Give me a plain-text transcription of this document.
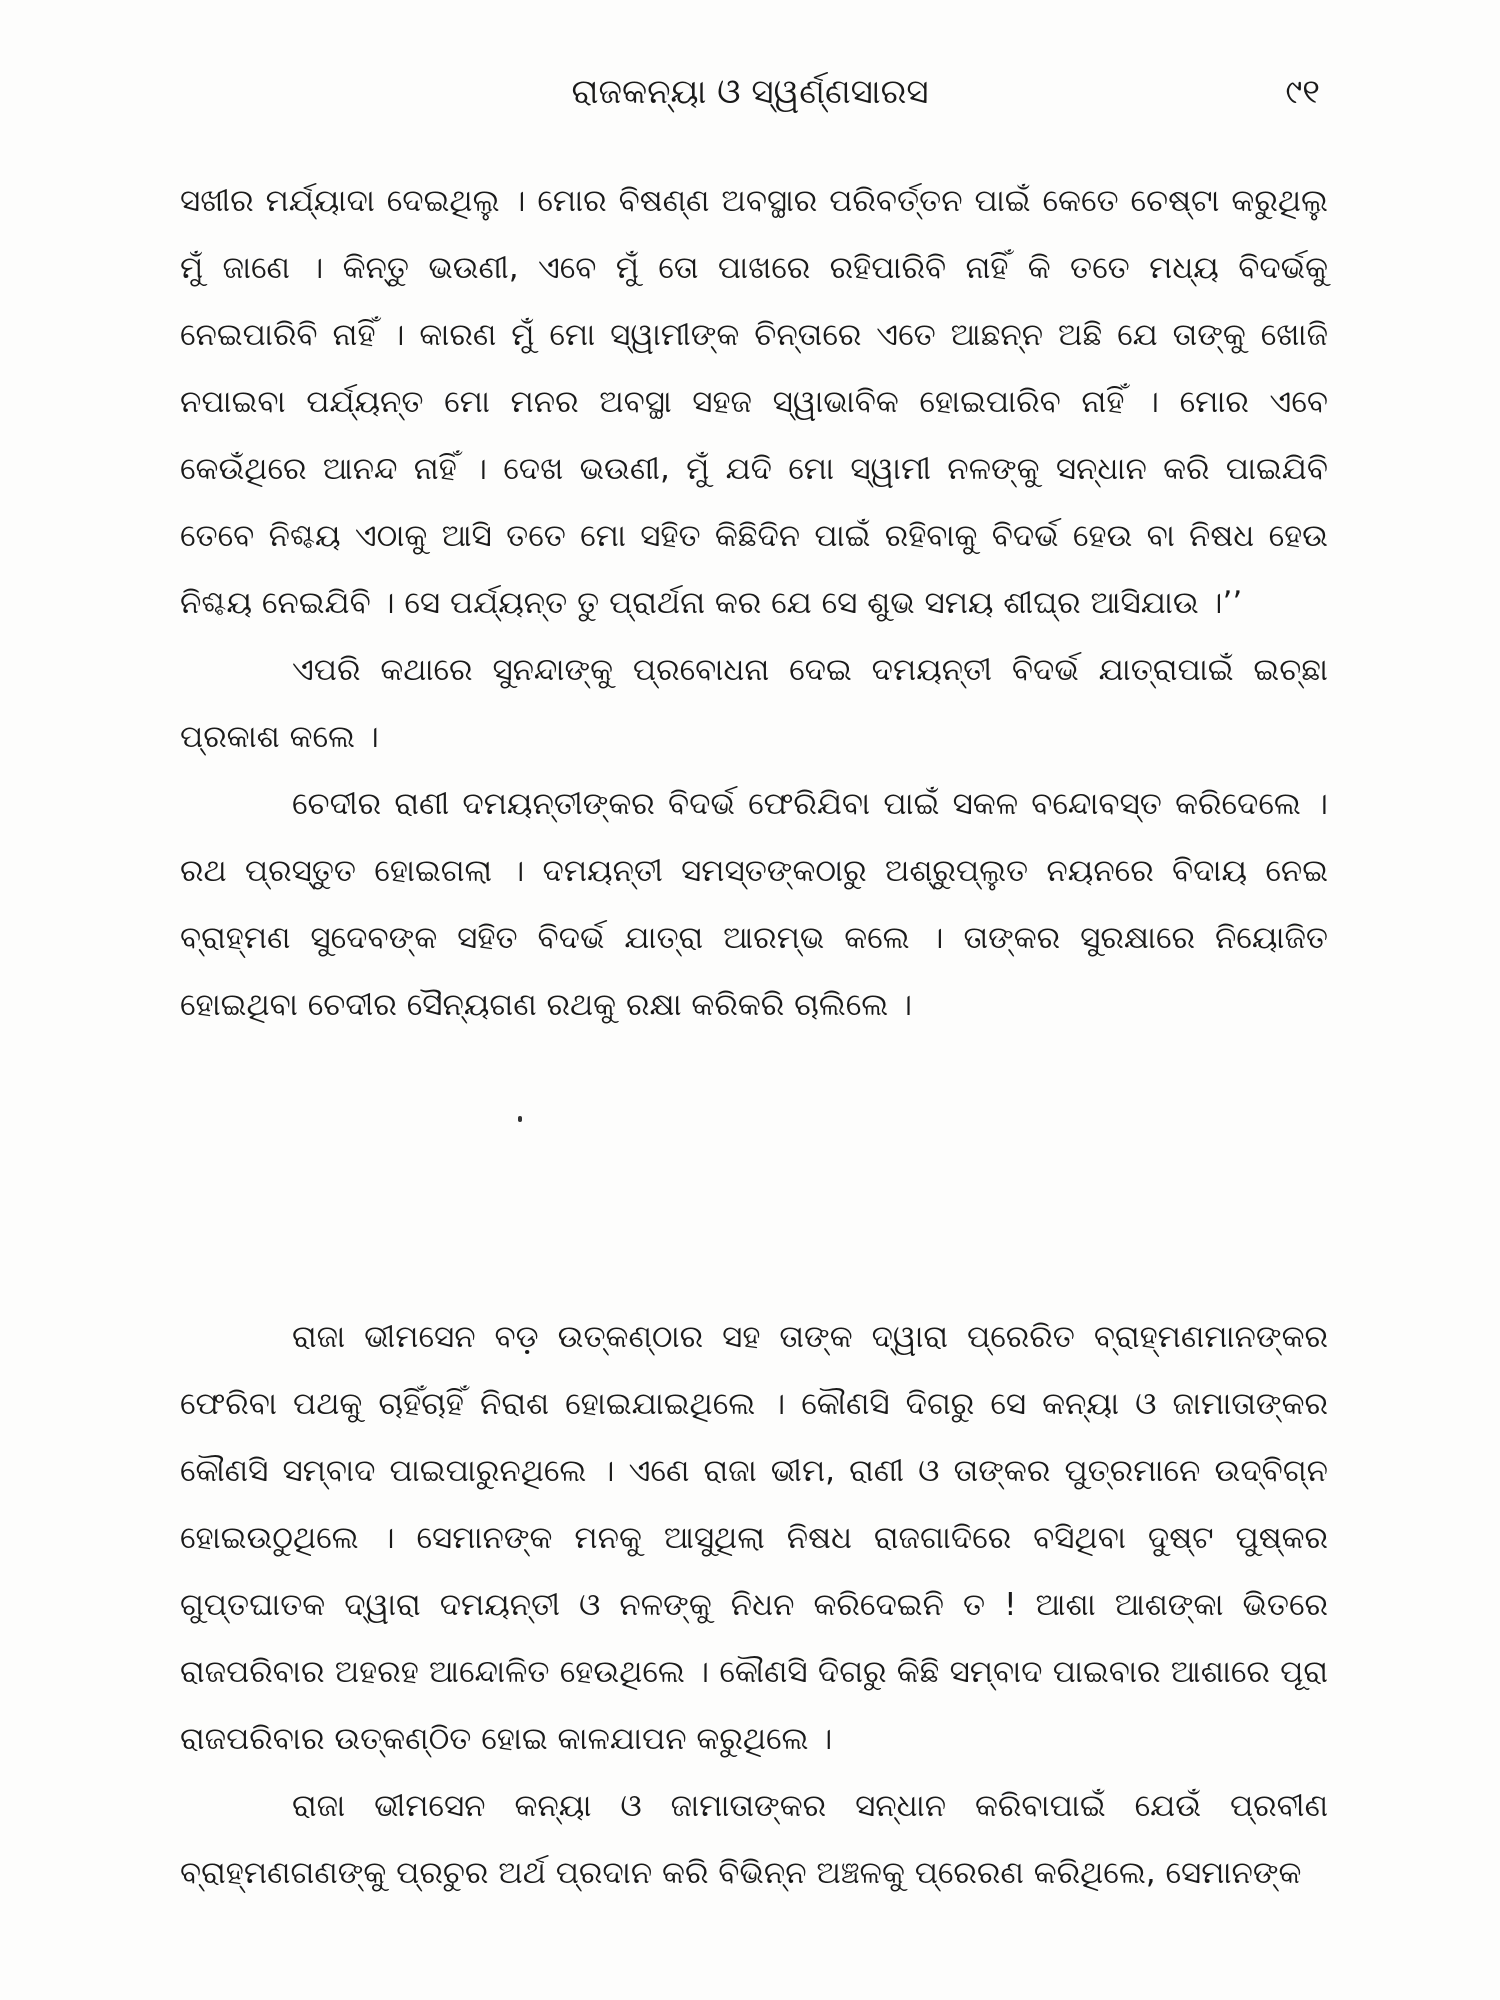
ରାଜକନ୍ୟା ଓ ସ୍ୱର୍ଣ୍ଣସାରସ	୯୧

ସଖୀର ମର୍ଯ୍ୟାଦା ଦେଇଥିଲୁ । ମୋର ବିଷଣ୍ଣ ଅବସ୍ଥାର ପରିବର୍ତ୍ତନ ପାଇଁ କେତେ ଚେଷ୍ଟା କରୁଥିଲୁ ମୁଁ ଜାଣେ । କିନ୍ତୁ ଭଉଣୀ, ଏବେ ମୁଁ ତୋ ପାଖରେ ରହିପାରିବି ନାହିଁ କି ତତେ ମଧ୍ୟ ବିଦର୍ଭକୁ ନେଇପାରିବି ନାହିଁ । କାରଣ ମୁଁ ମୋ ସ୍ୱାମୀଙ୍କ ଚିନ୍ତାରେ ଏତେ ଆଛନ୍ନ ଅଛି ଯେ ତାଙ୍କୁ ଖୋଜି ନପାଇବା ପର୍ଯ୍ୟନ୍ତ ମୋ ମନର ଅବସ୍ଥା ସହଜ ସ୍ୱାଭାବିକ ହୋଇପାରିବ ନାହିଁ । ମୋର ଏବେ କେଉଁଥିରେ ଆନନ୍ଦ ନାହିଁ । ଦେଖ ଭଉଣୀ, ମୁଁ ଯଦି ମୋ ସ୍ୱାମୀ ନଳଙ୍କୁ ସନ୍ଧାନ କରି ପାଇଯିବି ତେବେ ନିଶ୍ଚୟ ଏଠାକୁ ଆସି ତତେ ମୋ ସହିତ କିଛିଦିନ ପାଇଁ ରହିବାକୁ ବିଦର୍ଭ ହେଉ ବା ନିଷଧ ହେଉ ନିଶ୍ଚୟ ନେଇଯିବି । ସେ ପର୍ଯ୍ୟନ୍ତ ତୁ ପ୍ରାର୍ଥନା କର ଯେ ସେ ଶୁଭ ସମୟ ଶୀଘ୍ର ଆସିଯାଉ ।’’

ଏପରି କଥାରେ ସୁନନ୍ଦାଙ୍କୁ ପ୍ରବୋଧନା ଦେଇ ଦମୟନ୍ତୀ ବିଦର୍ଭ ଯାତ୍ରାପାଇଁ ଇଚ୍ଛା ପ୍ରକାଶ କଲେ ।

ଚେଦୀର ରାଣୀ ଦମୟନ୍ତୀଙ୍କର ବିଦର୍ଭ ଫେରିଯିବା ପାଇଁ ସକଳ ବନ୍ଦୋବସ୍ତ କରିଦେଲେ । ରଥ ପ୍ରସ୍ତୁତ ହୋଇଗଲା । ଦମୟନ୍ତୀ ସମସ୍ତଙ୍କଠାରୁ ଅଶ୍ରୁପ୍ଲୁତ ନୟନରେ ବିଦାୟ ନେଇ ବ୍ରାହ୍ମଣ ସୁଦେବଙ୍କ ସହିତ ବିଦର୍ଭ ଯାତ୍ରା ଆରମ୍ଭ କଲେ । ତାଙ୍କର ସୁରକ୍ଷାରେ ନିୟୋଜିତ ହୋଇଥିବା ଚେଦୀର ସୈନ୍ୟଗଣ ରଥକୁ ରକ୍ଷା କରିକରି ଚାଲିଲେ ।

ରାଜା ଭୀମସେନ ବଡ଼ ଉତ୍କଣ୍ଠାର ସହ ତାଙ୍କ ଦ୍ୱାରା ପ୍ରେରିତ ବ୍ରାହ୍ମଣମାନଙ୍କର ଫେରିବା ପଥକୁ ଚାହିଁଚାହିଁ ନିରାଶ ହୋଇଯାଇଥିଲେ । କୌଣସି ଦିଗରୁ ସେ କନ୍ୟା ଓ ଜାମାତାଙ୍କର କୌଣସି ସମ୍ବାଦ ପାଇପାରୁନଥିଲେ । ଏଣେ ରାଜା ଭୀମ, ରାଣୀ ଓ ତାଙ୍କର ପୁତ୍ରମାନେ ଉଦ୍‌ବିଗ୍ନ ହୋଇଉଠୁଥିଲେ । ସେମାନଙ୍କ ମନକୁ ଆସୁଥିଲା ନିଷଧ ରାଜଗାଦିରେ ବସିଥିବା ଦୁଷ୍ଟ ପୁଷ୍କର ଗୁପ୍ତଘାତକ ଦ୍ୱାରା ଦମୟନ୍ତୀ ଓ ନଳଙ୍କୁ ନିଧନ କରିଦେଇନି ତ ! ଆଶା ଆଶଙ୍କା ଭିତରେ ରାଜପରିବାର ଅହରହ ଆନ୍ଦୋଳିତ ହେଉଥିଲେ । କୌଣସି ଦିଗରୁ କିଛି ସମ୍ବାଦ ପାଇବାର ଆଶାରେ ପୂରା ରାଜପରିବାର ଉତ୍‌କଣ୍ଠିତ ହୋଇ କାଳଯାପନ କରୁଥିଲେ ।

ରାଜା ଭୀମସେନ କନ୍ୟା ଓ ଜାମାତାଙ୍କର ସନ୍ଧାନ କରିବାପାଇଁ ଯେଉଁ ପ୍ରବୀଣ ବ୍ରାହ୍ମଣଗଣଙ୍କୁ ପ୍ରଚୁର ଅର୍ଥ ପ୍ରଦାନ କରି ବିଭିନ୍ନ ଅଞ୍ଚଳକୁ ପ୍ରେରଣ କରିଥିଲେ, ସେମାନଙ୍କ
